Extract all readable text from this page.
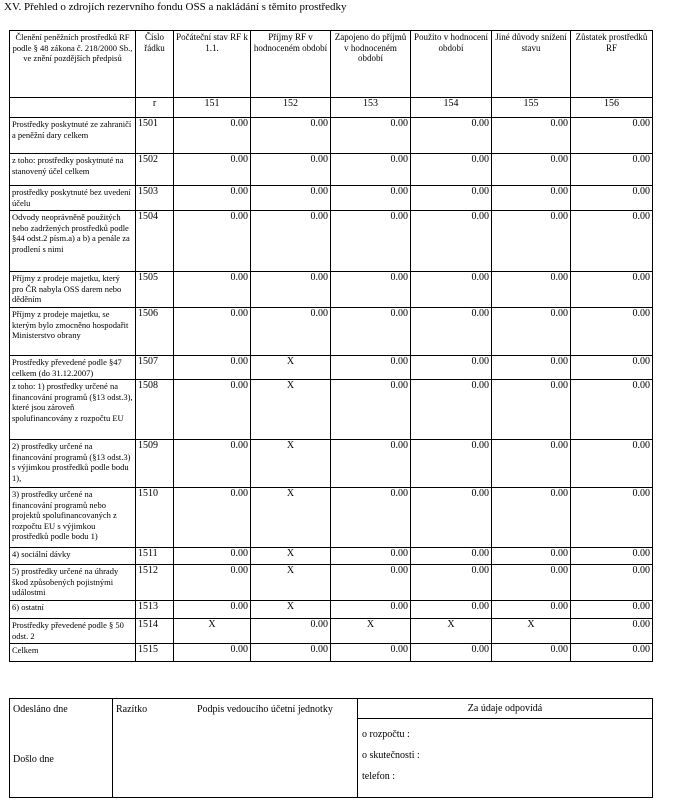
XV. Přehled o zdrojích rezervního fondu OSS a nakládání s těmito prostředky
Členění peněžních prostředků RF podle § 48 zákona č. 218/2000 Sb., ve znění pozdějších předpisů	Číslo řádku	Počáteční stav RF k 1.1.	Příjmy RF v hodnoceném období	Zapojeno do příjmů v hodnoceném období	Použito v hodnocení období	Jiné důvody snížení stavu	Zůstatek prostředků RF
	r	151	152	153	154	155	156
Prostředky poskytnuté ze zahraničí a peněžní dary celkem	1501	0.00	0.00	0.00	0.00	0.00	0.00
z toho: prostředky poskytnuté na stanovený účel celkem	1502	0.00	0.00	0.00	0.00	0.00	0.00
prostředky poskytnuté bez uvedení účelu	1503	0.00	0.00	0.00	0.00	0.00	0.00
Odvody neoprávněně použitých nebo zadržených prostředků podle §44 odst.2 písm.a) a b) a penále za prodlení s nimi	1504	0.00	0.00	0.00	0.00	0.00	0.00
Příjmy z prodeje majetku, který pro ČR nabyla OSS darem nebo děděním	1505	0.00	0.00	0.00	0.00	0.00	0.00
Příjmy z prodeje majetku, se kterým bylo zmocněno hospodařit Ministerstvo obrany	1506	0.00	0.00	0.00	0.00	0.00	0.00
Prostředky převedené podle §47 celkem (do 31.12.2007)	1507	0.00	X	0.00	0.00	0.00	0.00
z toho: 1) prostředky určené na financování programů (§13 odst.3), které jsou zároveň spolufinancovány z rozpočtu EU	1508	0.00	X	0.00	0.00	0.00	0.00
2) prostředky určené na financování programů (§13 odst.3) s výjimkou prostředků podle bodu 1),	1509	0.00	X	0.00	0.00	0.00	0.00
3) prostředky určené na financování programů nebo projektů spolufinancovaných z rozpočtu EU s výjimkou prostředků podle bodu 1)	1510	0.00	X	0.00	0.00	0.00	0.00
4) sociální dávky	1511	0.00	X	0.00	0.00	0.00	0.00
5) prostředky určené na úhrady škod způsobených pojistnými událostmi	1512	0.00	X	0.00	0.00	0.00	0.00
6) ostatní	1513	0.00	X	0.00	0.00	0.00	0.00
Prostředky převedené podle § 50 odst. 2	1514	X	0.00	X	X	X	0.00
Celkem	1515	0.00	0.00	0.00	0.00	0.00	0.00
Odesláno dne
Došlo dne

Razítko	Podpis vedoucího účetní jednotky	Za údaje odpovídá
o rozpočtu :
o skutečnosti :
telefon :
